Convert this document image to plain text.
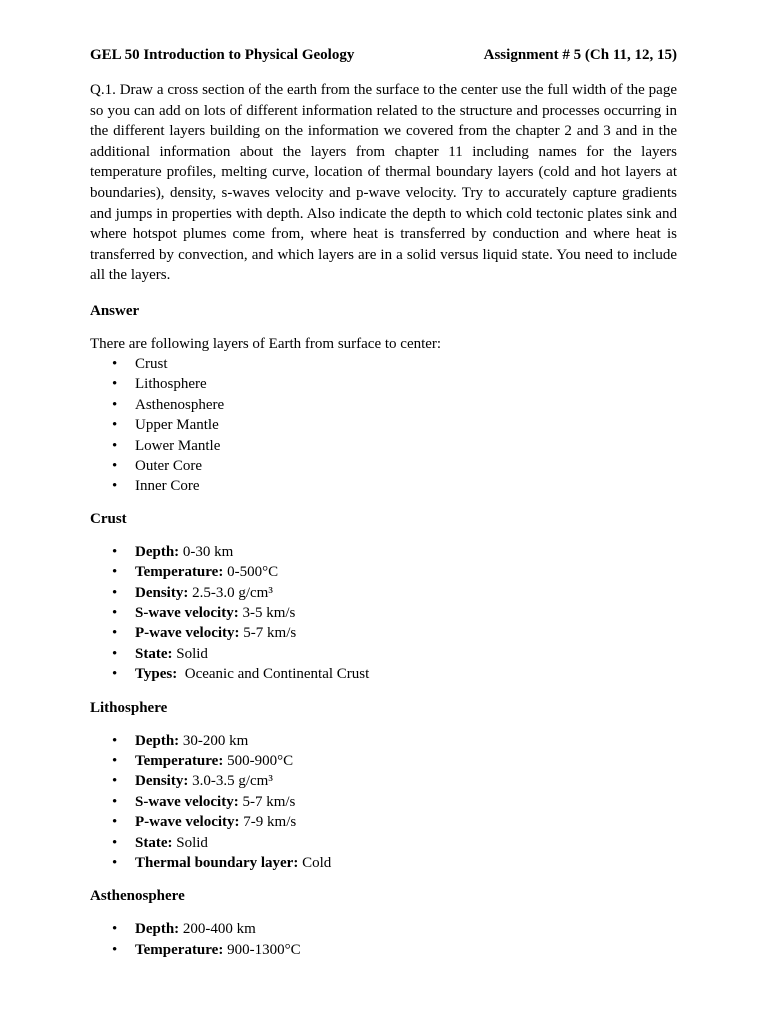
GEL 50 Introduction to Physical Geology	Assignment # 5 (Ch 11, 12, 15)

Q.1. Draw a cross section of the earth from the surface to the center use the full width of the page so you can add on lots of different information related to the structure and processes occurring in the different layers building on the information we covered from the chapter 2 and 3 and in the additional information about the layers from chapter 11 including names for the layers temperature profiles, melting curve, location of thermal boundary layers (cold and hot layers at boundaries), density, s-waves velocity and p-wave velocity. Try to accurately capture gradients and jumps in properties with depth. Also indicate the depth to which cold tectonic plates sink and where hotspot plumes come from, where heat is transferred by conduction and where heat is transferred by convection, and which layers are in a solid versus liquid state. You need to include all the layers.

Answer
There are following layers of Earth from surface to center:
• Crust
• Lithosphere
• Asthenosphere
• Upper Mantle
• Lower Mantle
• Outer Core
• Inner Core
Crust
• Depth: 0-30 km
• Temperature: 0-500°C
• Density: 2.5-3.0 g/cm³
• S-wave velocity: 3-5 km/s
• P-wave velocity: 5-7 km/s
• State: Solid
• Types:  Oceanic and Continental Crust
Lithosphere
• Depth: 30-200 km
• Temperature: 500-900°C
• Density: 3.0-3.5 g/cm³
• S-wave velocity: 5-7 km/s
• P-wave velocity: 7-9 km/s
• State: Solid
• Thermal boundary layer: Cold
Asthenosphere
• Depth: 200-400 km
• Temperature: 900-1300°C
